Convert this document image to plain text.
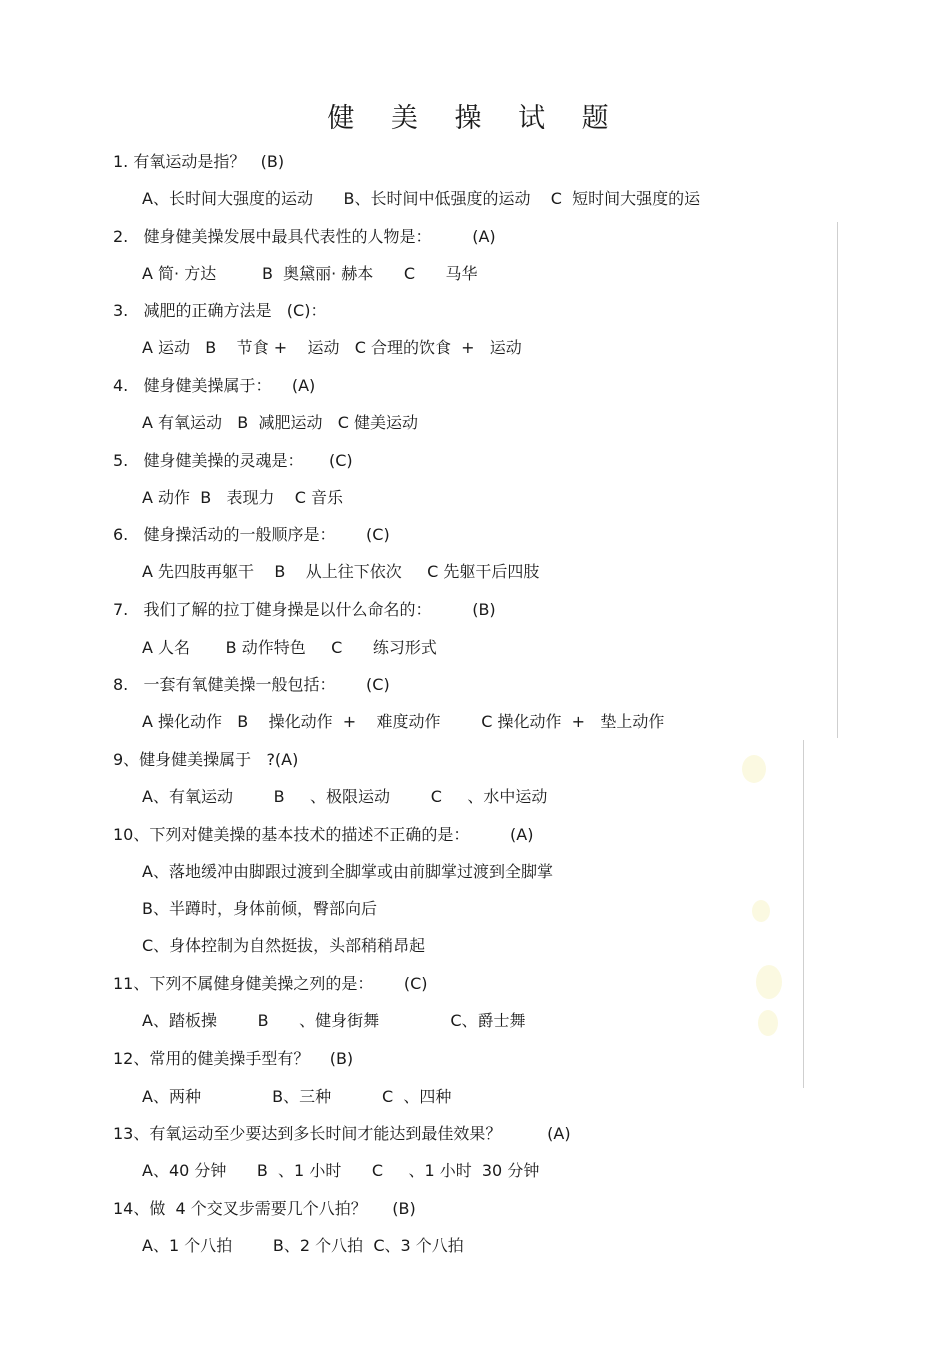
健 美 操 试 题
1. 有氧运动是指？   (B)
A、长时间大强度的运动      B、长时间中低强度的运动    C  短时间大强度的运
2.   健身健美操发展中最具代表性的人物是：        (A)
A 简· 方达         B  奥黛丽· 赫本      C      马华
3.   减肥的正确方法是   (C)：
A 运动   B    节食 +    运动   C 合理的饮食  +   运动
4.   健身健美操属于：    (A)
A 有氧运动   B  减肥运动   C 健美运动
5.   健身健美操的灵魂是：     (C)
A 动作  B   表现力    C 音乐
6.   健身操活动的一般顺序是：      (C)
A 先四肢再躯干    B    从上往下依次     C 先躯干后四肢
7.   我们了解的拉丁健身操是以什么命名的：        (B)
A 人名       B 动作特色     C      练习形式
8.   一套有氧健美操一般包括：      (C)
A 操化动作   B    操化动作  +    难度动作        C 操化动作  +   垫上动作
9、健身健美操属于   ?(A)
A、有氧运动        B     、极限运动        C     、水中运动
10、下列对健美操的基本技术的描述不正确的是：        (A)
A、落地缓冲由脚跟过渡到全脚掌或由前脚掌过渡到全脚掌
B、半蹲时，身体前倾，臀部向后
C、身体控制为自然挺拔，头部稍稍昂起
11、下列不属健身健美操之列的是：      (C)
A、踏板操        B      、健身街舞              C、爵士舞
12、常用的健美操手型有？    (B)
A、两种              B、三种          C  、四种
13、有氧运动至少要达到多长时间才能达到最佳效果？         (A)
A、40 分钟      B  、1 小时      C     、1 小时  30 分钟
14、做  4 个交叉步需要几个八拍？     (B)
A、1 个八拍        B、2 个八拍  C、3 个八拍
